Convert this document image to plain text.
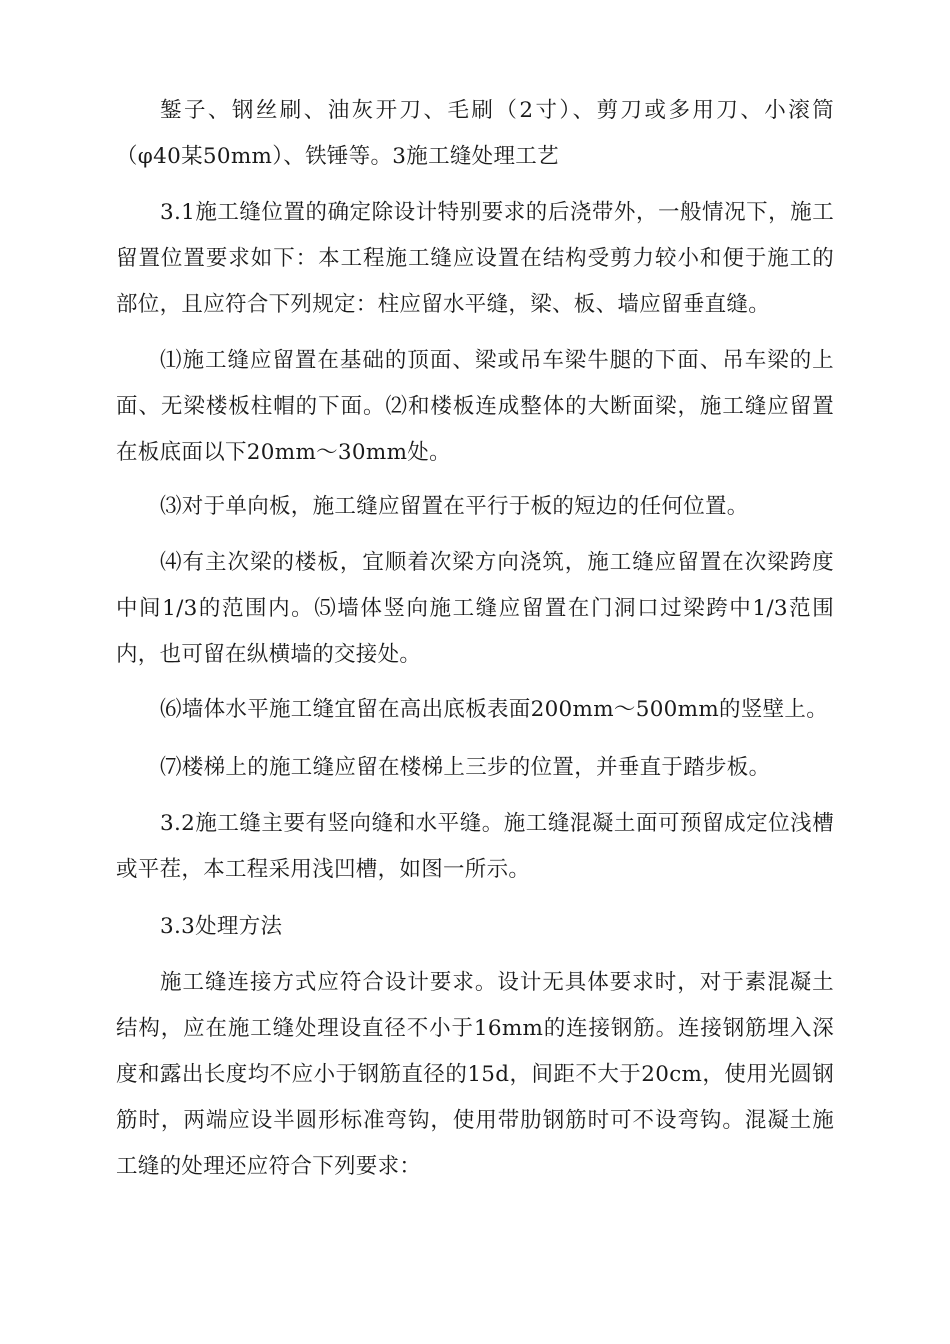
錾子、钢丝刷、油灰开刀、毛刷（2寸）、剪刀或多用刀、小滚筒（φ40某50mm）、铁锤等。3施工缝处理工艺

3.1施工缝位置的确定除设计特别要求的后浇带外，一般情况下，施工留置位置要求如下：本工程施工缝应设置在结构受剪力较小和便于施工的部位，且应符合下列规定：柱应留水平缝，梁、板、墙应留垂直缝。

⑴施工缝应留置在基础的顶面、梁或吊车梁牛腿的下面、吊车梁的上面、无梁楼板柱帽的下面。⑵和楼板连成整体的大断面梁，施工缝应留置在板底面以下20mm～30mm处。

⑶对于单向板，施工缝应留置在平行于板的短边的任何位置。

⑷有主次梁的楼板，宜顺着次梁方向浇筑，施工缝应留置在次梁跨度中间1/3的范围内。⑸墙体竖向施工缝应留置在门洞口过梁跨中1/3范围内，也可留在纵横墙的交接处。

⑹墙体水平施工缝宜留在高出底板表面200mm～500mm的竖壁上。

⑺楼梯上的施工缝应留在楼梯上三步的位置，并垂直于踏步板。

3.2施工缝主要有竖向缝和水平缝。施工缝混凝土面可预留成定位浅槽或平茬，本工程采用浅凹槽，如图一所示。

3.3处理方法

施工缝连接方式应符合设计要求。设计无具体要求时，对于素混凝土结构，应在施工缝处理设直径不小于16mm的连接钢筋。连接钢筋埋入深度和露出长度均不应小于钢筋直径的15d，间距不大于20cm，使用光圆钢筋时，两端应设半圆形标准弯钩，使用带肋钢筋时可不设弯钩。混凝土施工缝的处理还应符合下列要求：
